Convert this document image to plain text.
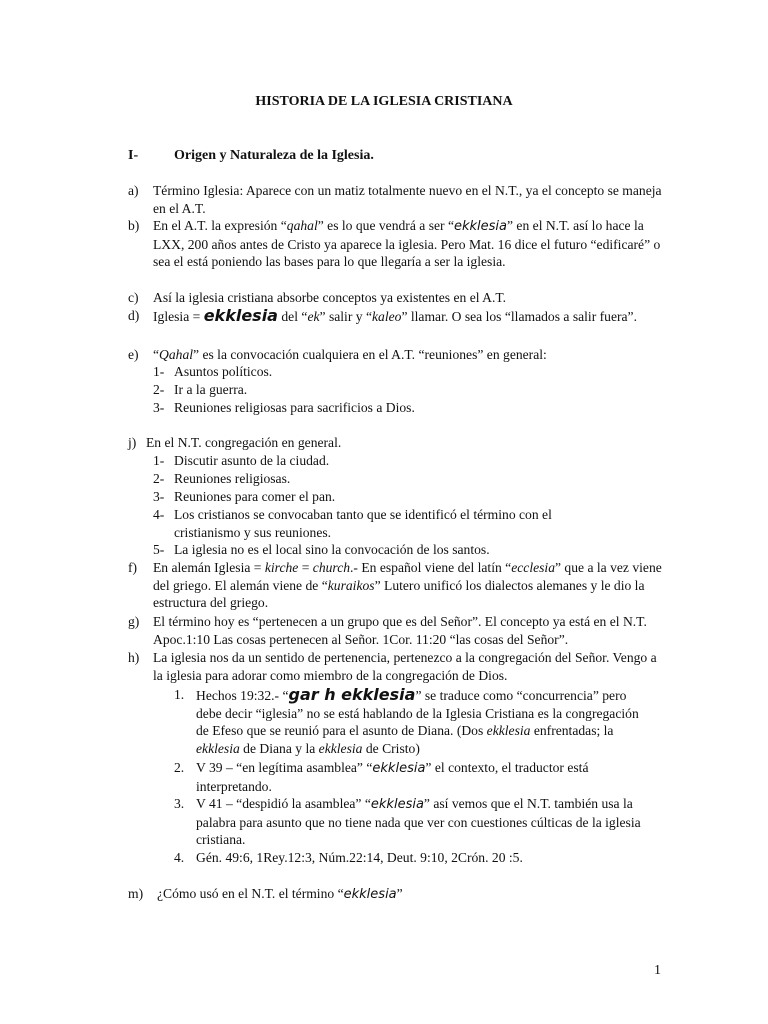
HISTORIA DE LA IGLESIA CRISTIANA
I-	Origen y Naturaleza de la Iglesia.
a) Término Iglesia: Aparece con un matiz totalmente nuevo en el N.T., ya el concepto se maneja en el A.T.
b) En el A.T. la expresión “qahal” es lo que vendrá a ser “ekklesia” en el N.T. así lo hace la LXX, 200 años antes de Cristo ya aparece la iglesia. Pero Mat. 16 dice el futuro “edificaré” o sea el está poniendo las bases para lo que llegaría a ser la iglesia.
c) Así la iglesia cristiana absorbe conceptos ya existentes en el A.T.
d) Iglesia = ekklesia del “ek” salir y “kaleo” llamar. O sea los “llamados a salir fuera”.
e) “Qahal” es la convocación cualquiera en el A.T. “reuniones” en general:
1- Asuntos políticos.
2- Ir a la guerra.
3- Reuniones religiosas para sacrificios a Dios.
j) En el N.T. congregación en general.
1- Discutir asunto de la ciudad.
2- Reuniones religiosas.
3- Reuniones para comer el pan.
4- Los cristianos se convocaban tanto que se identificó el término con el cristianismo y sus reuniones.
5- La iglesia no es el local sino la convocación de los santos.
f) En alemán Iglesia = kirche = church.- En español viene del latín “ecclesia” que a la vez viene del griego. El alemán viene de “kuraikos” Lutero unificó los dialectos alemanes y le dio la estructura del griego.
g) El término hoy es “pertenecen a un grupo que es del Señor”. El concepto ya está en el N.T. Apoc.1:10 Las cosas pertenecen al Señor. 1Cor. 11:20 “las cosas del Señor”.
h) La iglesia nos da un sentido de pertenencia, pertenezco a la congregación del Señor. Vengo a la iglesia para adorar como miembro de la congregación de Dios.
1. Hechos 19:32.- “gar h ekklesia” se traduce como “concurrencia” pero debe decir “iglesia” no se está hablando de la Iglesia Cristiana es la congregación de Efeso que se reunió para el asunto de Diana. (Dos ekklesia enfrentadas; la ekklesia de Diana y la ekklesia de Cristo)
2. V 39 – “en legítima asamblea” “ekklesia” el contexto, el traductor está interpretando.
3. V 41 – “despidió la asamblea” “ekklesia” así vemos que el N.T. también usa la palabra para asunto que no tiene nada que ver con cuestiones cúlticas de la iglesia cristiana.
4. Gén. 49:6, 1Rey.12:3, Núm.22:14, Deut. 9:10, 2Crón. 20 :5.
m) ¿Cómo usó en el N.T. el término “ekklesia”
1
